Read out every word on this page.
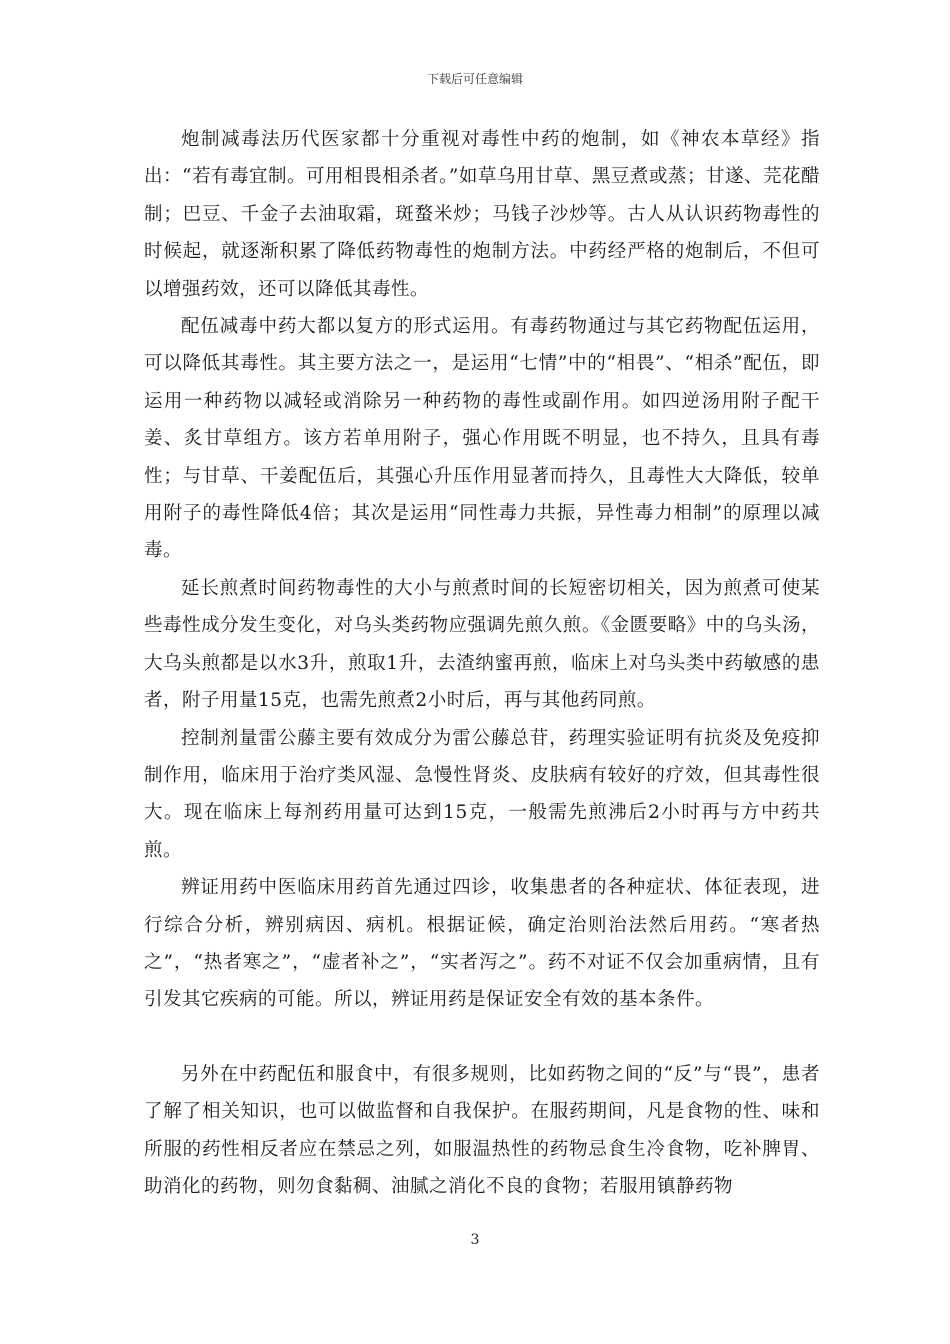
下载后可任意编辑

炮制减毒法历代医家都十分重视对毒性中药的炮制，如《神农本草经》指出：“若有毒宜制。可用相畏相杀者。”如草乌用甘草、黑豆煮或蒸；甘遂、芫花醋制；巴豆、千金子去油取霜，斑蝥米炒；马钱子沙炒等。古人从认识药物毒性的时候起，就逐渐积累了降低药物毒性的炮制方法。中药经严格的炮制后，不但可以增强药效，还可以降低其毒性。

配伍减毒中药大都以复方的形式运用。有毒药物通过与其它药物配伍运用，可以降低其毒性。其主要方法之一，是运用“七情”中的“相畏”、“相杀”配伍，即运用一种药物以减轻或消除另一种药物的毒性或副作用。如四逆汤用附子配干姜、炙甘草组方。该方若单用附子，强心作用既不明显，也不持久，且具有毒性；与甘草、干姜配伍后，其强心升压作用显著而持久，且毒性大大降低，较单用附子的毒性降低4倍；其次是运用“同性毒力共振，异性毒力相制”的原理以减毒。

延长煎煮时间药物毒性的大小与煎煮时间的长短密切相关，因为煎煮可使某些毒性成分发生变化，对乌头类药物应强调先煎久煎。《金匮要略》中的乌头汤，大乌头煎都是以水3升，煎取1升，去渣纳蜜再煎，临床上对乌头类中药敏感的患者，附子用量15克，也需先煎煮2小时后，再与其他药同煎。

控制剂量雷公藤主要有效成分为雷公藤总苷，药理实验证明有抗炎及免疫抑制作用，临床用于治疗类风湿、急慢性肾炎、皮肤病有较好的疗效，但其毒性很大。现在临床上每剂药用量可达到15克，一般需先煎沸后2小时再与方中药共煎。

辨证用药中医临床用药首先通过四诊，收集患者的各种症状、体征表现，进行综合分析，辨别病因、病机。根据证候，确定治则治法然后用药。“寒者热之”，“热者寒之”，“虚者补之”，“实者泻之”。药不对证不仅会加重病情，且有引发其它疾病的可能。所以，辨证用药是保证安全有效的基本条件。

另外在中药配伍和服食中，有很多规则，比如药物之间的“反”与“畏”，患者了解了相关知识，也可以做监督和自我保护。在服药期间，凡是食物的性、味和所服的药性相反者应在禁忌之列，如服温热性的药物忌食生冷食物，吃补脾胃、助消化的药物，则勿食黏稠、油腻之消化不良的食物；若服用镇静药物

3
